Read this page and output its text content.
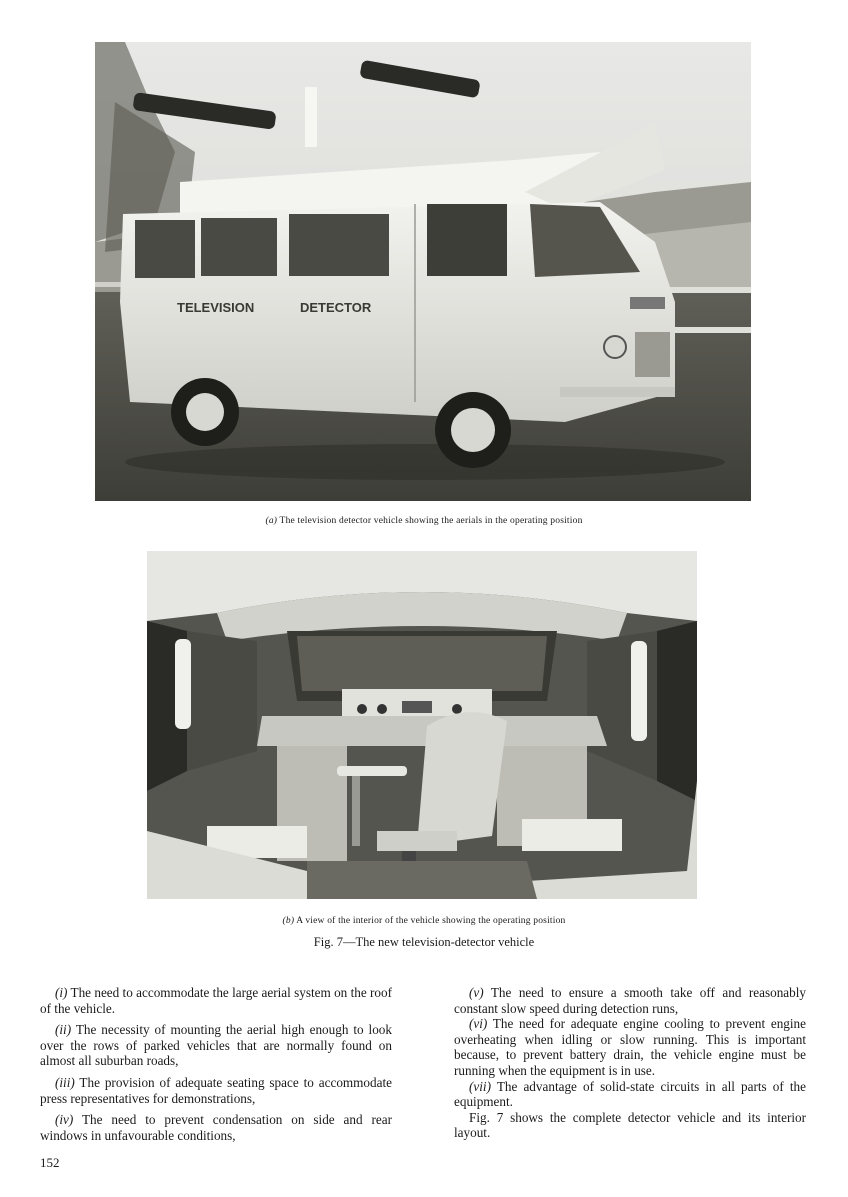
TELEVISION	DETECTOR
(a) The television detector vehicle showing the aerials in the operating position
(b) A view of the interior of the vehicle showing the operating position
Fig. 7—The new television-detector vehicle

(i) The need to accommodate the large aerial system on the roof of the vehicle.

(ii) The necessity of mounting the aerial high enough to look over the rows of parked vehicles that are normally found on almost all suburban roads,

(iii) The provision of adequate seating space to accommodate press representatives for demonstrations,

(iv) The need to prevent condensation on side and rear windows in unfavourable conditions,

(v) The need to ensure a smooth take off and reasonably constant slow speed during detection runs,

(vi) The need for adequate engine cooling to prevent engine overheating when idling or slow running. This is important because, to prevent battery drain, the vehicle engine must be running when the equipment is in use.

(vii) The advantage of solid-state circuits in all parts of the equipment.

Fig. 7 shows the complete detector vehicle and its interior layout.

152
